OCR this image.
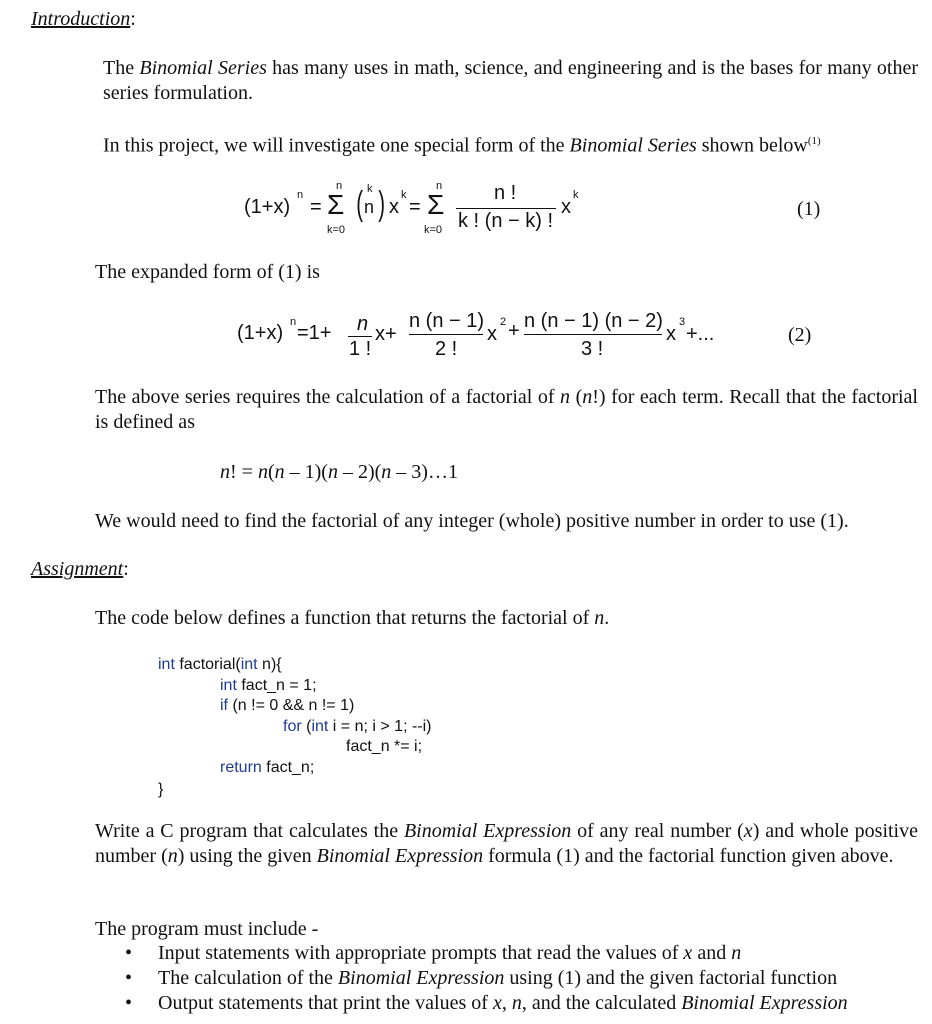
Introduction:
The Binomial Series has many uses in math, science, and engineering and is the bases for many other series formulation.
In this project, we will investigate one special form of the Binomial Series shown below$^{(1)}$
(1+x)
n
=
n
Σ
k=0
( k
n ) x
k
=
n
Σ
k=0
n !
k ! (n − k) !
x
k
(1)
The expanded form of (1) is
(1+x) n =1+ n
1 !
x+
n (n − 1)
2 !
x
2 + n (n − 1) (n − 2)
3 !
x
3
+...	(2)
The above series requires the calculation of a factorial of n (n!) for each term. Recall that the factorial is defined as
n! = n(n – 1)(n – 2)(n – 3)…1
We would need to find the factorial of any integer (whole) positive number in order to use (1).
Assignment:
The code below defines a function that returns the factorial of n.
int factorial(int n){
int fact_n = 1;
if (n != 0 && n != 1)
for (int i = n; i > 1; --i)
fact_n *= i;
return fact_n;
}
Write a C program that calculates the Binomial Expression of any real number (x) and whole positive number (n) using the given Binomial Expression formula (1) and the factorial function given above.
The program must include -
• Input statements with appropriate prompts that read the values of x and n
• The calculation of the Binomial Expression using (1) and the given factorial function
• Output statements that print the values of x, n, and the calculated Binomial Expression
